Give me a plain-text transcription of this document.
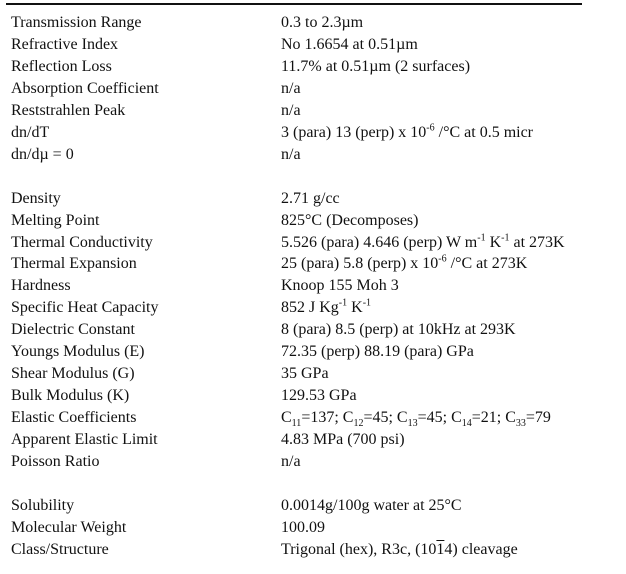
Transmission Range	0.3 to 2.3µm
Refractive Index	No 1.6654 at 0.51µm
Reflection Loss	11.7% at 0.51µm (2 surfaces)
Absorption Coefficient	n/a
Reststrahlen Peak	n/a
dn/dT	3 (para) 13 (perp) x $10^{-6}$ /°C at 0.5 micr
dn/dµ = 0	n/a

Density	2.71 g/cc
Melting Point	825°C (Decomposes)
Thermal Conductivity	5.526 (para) 4.646 (perp) W $m^{-1}$ $K^{-1}$ at 273K
Thermal Expansion	25 (para) 5.8 (perp) x $10^{-6}$ /°C at 273K
Hardness	Knoop 155 Moh 3
Specific Heat Capacity	852 J $Kg^{-1}$ $K^{-1}$
Dielectric Constant	8 (para) 8.5 (perp) at 10kHz at 293K
Youngs Modulus (E)	72.35 (perp) 88.19 (para) GPa
Shear Modulus (G)	35 GPa
Bulk Modulus (K)	129.53 GPa
Elastic Coefficients	$C_{11}=137$; $C_{12}=45$; $C_{13}=45$; $C_{14}=21$; $C_{33}=79$
Apparent Elastic Limit	4.83 MPa (700 psi)
Poisson Ratio	n/a

Solubility	0.0014g/100g water at 25°C
Molecular Weight	100.09
Class/Structure	Trigonal (hex), R3c, (1014) cleavage
